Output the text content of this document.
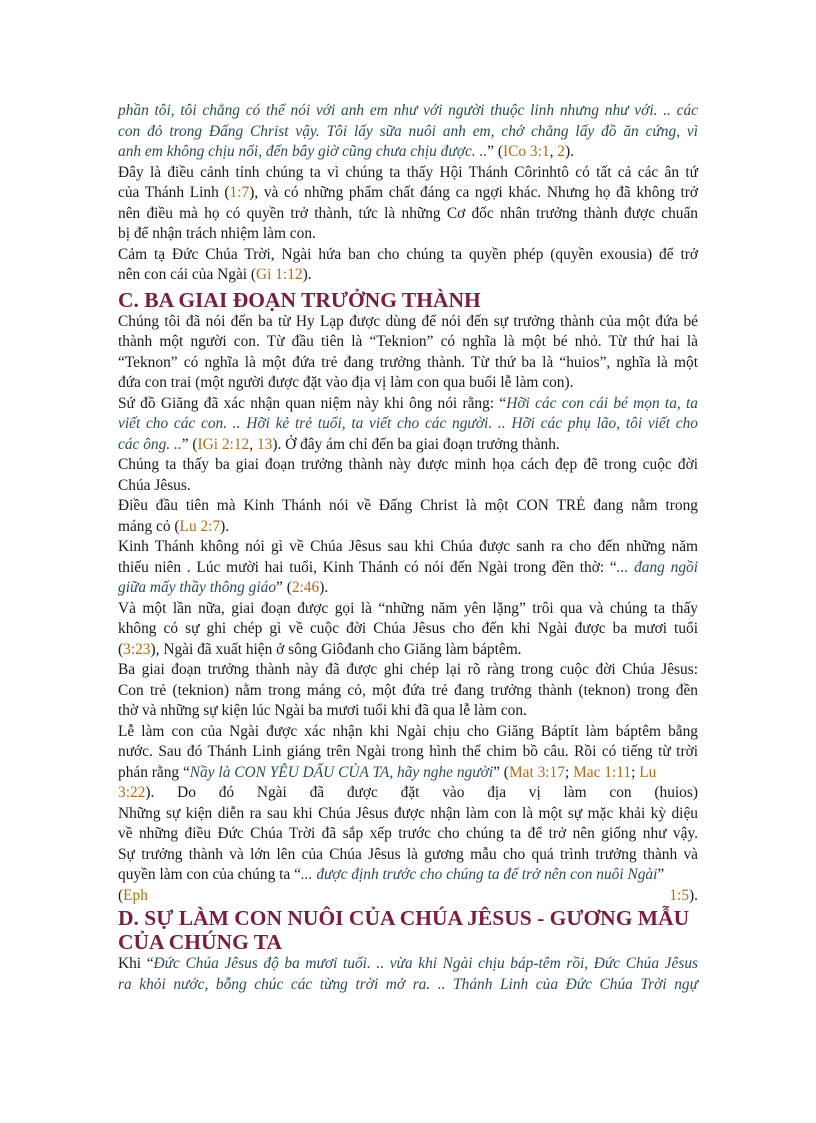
phần tôi, tôi chẳng có thể nói với anh em như với người thuộc linh nhưng như với. .. các
con đỏ trong Đấng Christ vậy. Tôi lấy sữa nuôi anh em, chớ chẳng lấy đồ ăn cứng, vì
anh em không chịu nổi, đến bây giờ cũng chưa chịu được. ..” (ICo 3:1, 2).
Đây là điều cảnh tỉnh chúng ta vì chúng ta thấy Hội Thánh Côrinhtô có tất cả các ân tứ
của Thánh Linh (1:7), và có những phẩm chất đáng ca ngợi khác. Nhưng họ đã không trở
nên điều mà họ có quyền trở thành, tức là những Cơ đốc nhân trưởng thành được chuẩn
bị để nhận trách nhiệm làm con.
Cảm tạ Đức Chúa Trời, Ngài hứa ban cho chúng ta quyền phép (quyền exousia) để trở
nên con cái của Ngài (Gi 1:12).
C. BA GIAI ĐOẠN TRƯỞNG THÀNH
Chúng tôi đã nói đến ba từ Hy Lạp được dùng để nói đến sự trưởng thành của một đứa bé
thành một người con. Từ đầu tiên là “Teknion” có nghĩa là một bé nhỏ. Từ thứ hai là
“Teknon” có nghĩa là một đứa trẻ đang trưởng thành. Từ thứ ba là “huios”, nghĩa là một
đứa con trai (một người được đặt vào địa vị làm con qua buổi lễ làm con).
Sứ đồ Giăng đã xác nhận quan niệm này khi ông nói rằng: “Hỡi các con cái bé mọn ta, ta
viết cho các con. .. Hỡi kẻ trẻ tuổi, ta viết cho các người. .. Hỡi các phụ lão, tôi viết cho
các ông. ..” (IGi 2:12, 13). Ở đây ám chỉ đến ba giai đoạn trưởng thành.
Chúng ta thấy ba giai đoạn trưởng thành này được minh họa cách đẹp đẽ trong cuộc đời
Chúa Jêsus.
Điều đầu tiên mà Kinh Thánh nói về Đấng Christ là một CON TRẺ đang nằm trong
máng cỏ (Lu 2:7).
Kinh Thánh không nói gì về Chúa Jêsus sau khi Chúa được sanh ra cho đến những năm
thiếu niên . Lúc mười hai tuổi, Kinh Thánh có nói đến Ngài trong đền thờ: “... đang ngồi
giữa mấy thầy thông giáo” (2:46).
Và một lần nữa, giai đoạn được gọi là “những năm yên lặng” trôi qua và chúng ta thấy
không có sự ghi chép gì về cuộc đời Chúa Jêsus cho đến khi Ngài được ba mươi tuổi
(3:23), Ngài đã xuất hiện ở sông Giôđanh cho Giăng làm báptêm.
Ba giai đoạn trưởng thành này đã được ghi chép lại rõ ràng trong cuộc đời Chúa Jêsus:
Con trẻ (teknion) nằm trong máng cỏ, một đứa trẻ đang trưởng thành (teknon) trong đền
thờ và những sự kiện lúc Ngài ba mươi tuổi khi đã qua lễ làm con.
Lễ làm con của Ngài được xác nhận khi Ngài chịu cho Giăng Báptít làm báptêm bằng
nước. Sau đó Thánh Linh giáng trên Ngài trong hình thể chim bồ câu. Rồi có tiếng từ trời
phán rằng “Nầy là CON YÊU DẤU CỦA TA, hãy nghe người” (Mat 3:17; Mac 1:11; Lu
3:22). Do đó Ngài đã được đặt vào địa vị làm con (huios)
Những sự kiện diễn ra sau khi Chúa Jêsus được nhận làm con là một sự mặc khải kỳ diệu
về những điều Đức Chúa Trời đã sắp xếp trước cho chúng ta để trở nên giống như vậy.
Sự trưởng thành và lớn lên của Chúa Jêsus là gương mẫu cho quá trình trưởng thành và
quyền làm con của chúng ta “... được định trước cho chúng ta để trở nên con nuôi Ngài”
(Eph 1:5).
D. SỰ LÀM CON NUÔI CỦA CHÚA JÊSUS - GƯƠNG MẪU
CỦA CHÚNG TA
Khi “Đức Chúa Jêsus độ ba mươi tuổi. .. vừa khi Ngài chịu báp-têm rồi, Đức Chúa Jêsus
ra khỏi nước, bỗng chúc các từng trời mở ra. .. Thánh Linh của Đức Chúa Trời ngự
